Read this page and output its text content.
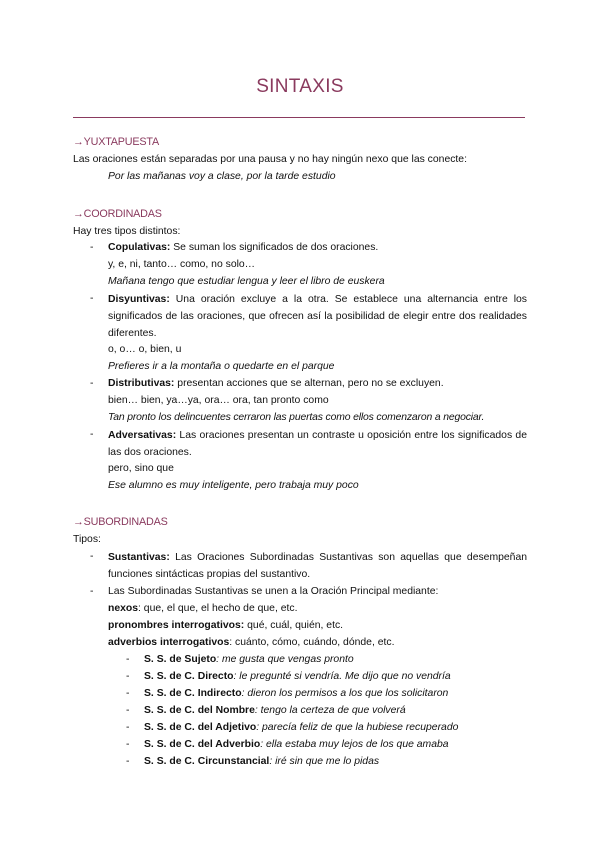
SINTAXIS
→YUXTAPUESTA
Las oraciones están separadas por una pausa y no hay ningún nexo que las conecte:
Por las mañanas voy a clase, por la tarde estudio
→COORDINADAS
Hay tres tipos distintos:
- Copulativas: Se suman los significados de dos oraciones.
y, e, ni, tanto… como, no solo…
Mañana tengo que estudiar lengua y leer el libro de euskera
- Disyuntivas: Una oración excluye a la otra. Se establece una alternancia entre los significados de las oraciones, que ofrecen así la posibilidad de elegir entre dos realidades diferentes.
o, o… o, bien, u
Prefieres ir a la montaña o quedarte en el parque
- Distributivas: presentan acciones que se alternan, pero no se excluyen.
bien… bien, ya…ya, ora… ora, tan pronto como
Tan pronto los delincuentes cerraron las puertas como ellos comenzaron a negociar.
- Adversativas: Las oraciones presentan un contraste u oposición entre los significados de las dos oraciones.
pero, sino que
Ese alumno es muy inteligente, pero trabaja muy poco
→SUBORDINADAS
Tipos:
- Sustantivas: Las Oraciones Subordinadas Sustantivas son aquellas que desempeñan funciones sintácticas propias del sustantivo.
- Las Subordinadas Sustantivas se unen a la Oración Principal mediante:
nexos: que, el que, el hecho de que, etc.
pronombres interrogativos: qué, cuál, quién, etc.
adverbios interrogativos: cuánto, cómo, cuándo, dónde, etc.
- S. S. de Sujeto: me gusta que vengas pronto
- S. S. de C. Directo: le pregunté si vendría. Me dijo que no vendría
- S. S. de C. Indirecto: dieron los permisos a los que los solicitaron
- S. S. de C. del Nombre: tengo la certeza de que volverá
- S. S. de C. del Adjetivo: parecía feliz de que la hubiese recuperado
- S. S. de C. del Adverbio: ella estaba muy lejos de los que amaba
- S. S. de C. Circunstancial: iré sin que me lo pidas
